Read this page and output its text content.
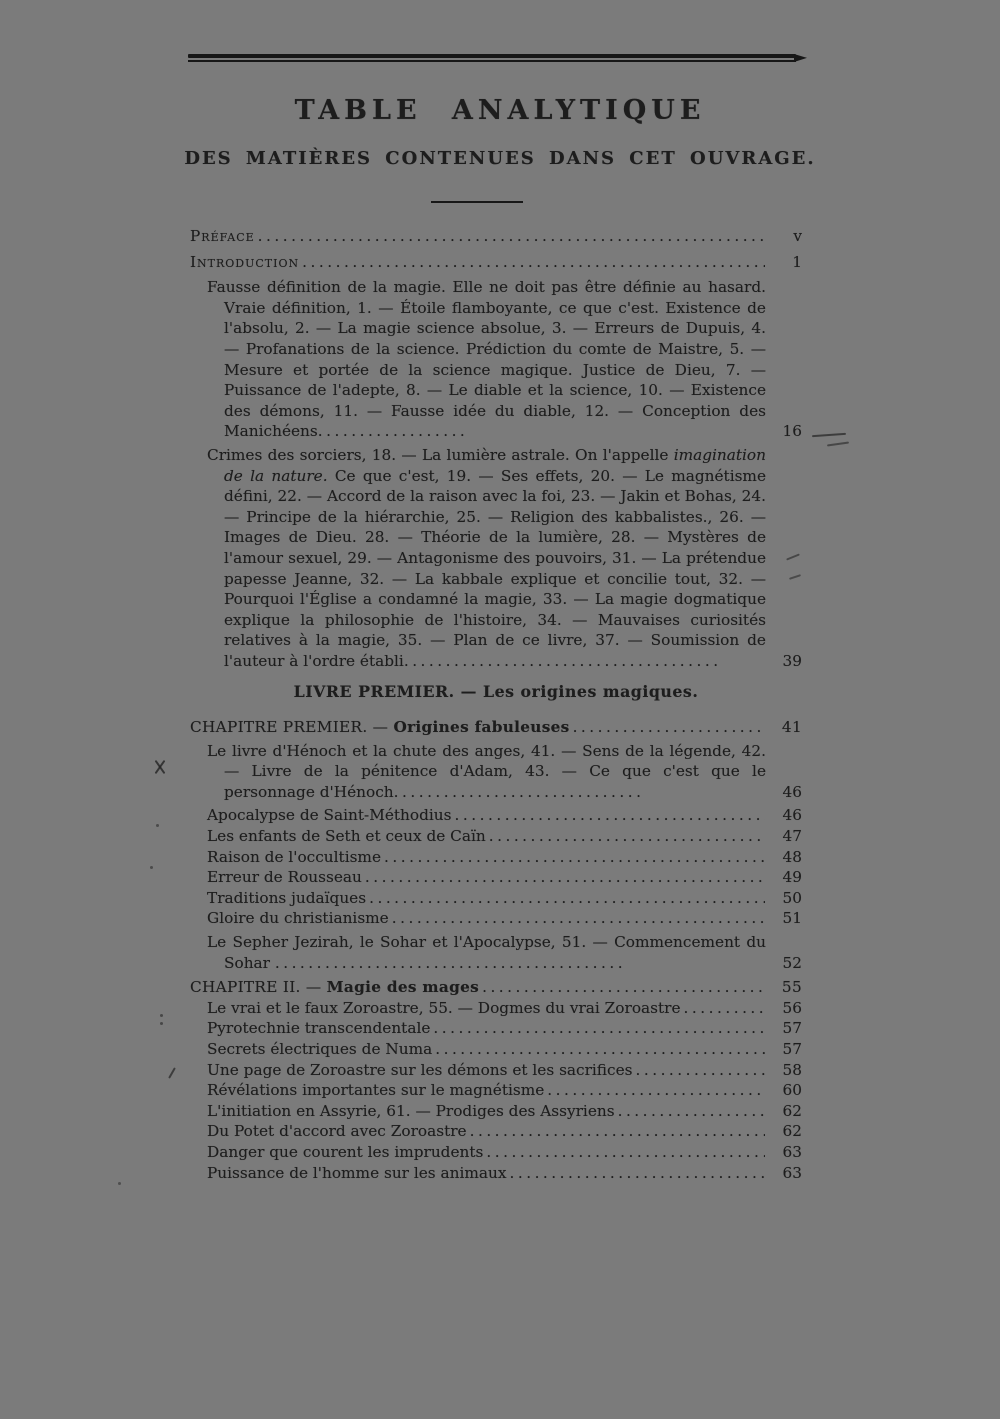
TABLE ANALYTIQUE
DES MATIÈRES CONTENUES DANS CET OUVRAGE.
Préface .....	v
Introduction .....	1
Fausse définition de la magie. Elle ne doit pas être définie au hasard. Vraie définition, 1. — Étoile flamboyante, ce que c'est. Existence de l'absolu, 2. — La magie science absolue, 3. — Erreurs de Dupuis, 4. — Profanations de la science. Prédiction du comte de Maistre, 5. — Mesure et portée de la science magique. Justice de Dieu, 7. — Puissance de l'adepte, 8. — Le diable et la science, 10. — Existence des démons, 11. — Fausse idée du diable, 12. — Conception des Manichéens..................	16
Crimes des sorciers, 18. — La lumière astrale. On l'appelle imagination de la nature. Ce que c'est, 19. — Ses effets, 20. — Le magnétisme défini, 22. — Accord de la raison avec la foi, 23. — Jakin et Bohas, 24. — Principe de la hiérarchie, 25. — Religion des kabbalistes., 26. — Images de Dieu. 28. — Théorie de la lumière, 28. — Mystères de l'amour sexuel, 29. — Antagonisme des pouvoirs, 31. — La prétendue papesse Jeanne, 32. — La kabbale explique et concilie tout, 32. — Pourquoi l'Église a condamné la magie, 33. — La magie dogmatique explique la philosophie de l'histoire, 34. — Mauvaises curiosités relatives à la magie, 35. — Plan de ce livre, 37. — Soumission de l'auteur à l'ordre établi......................................	39
LIVRE PREMIER. — Les origines magiques.
CHAPITRE PREMIER. — Origines fabuleuses .....	41
Le livre d'Hénoch et la chute des anges, 41. — Sens de la légende, 42. — Livre de la pénitence d'Adam, 43. — Ce que c'est que le personnage d'Hénoch..............................	46
Apocalypse de Saint-Méthodius .....	46
Les enfants de Seth et ceux de Caïn .....	47
Raison de l'occultisme .....	48
Erreur de Rousseau .....	49
Traditions judaïques .....	50
Gloire du christianisme .....	51
Le Sepher Jezirah, le Sohar et l'Apocalypse, 51. — Commencement du Sohar ..........................................	52
CHAPITRE II. — Magie des mages .....	55
Le vrai et le faux Zoroastre, 55. — Dogmes du vrai Zoroastre .....	56
Pyrotechnie transcendentale .....	57
Secrets électriques de Numa .....	57
Une page de Zoroastre sur les démons et les sacrifices .....	58
Révélations importantes sur le magnétisme .....	60
L'initiation en Assyrie, 61. — Prodiges des Assyriens .....	62
Du Potet d'accord avec Zoroastre .....	62
Danger que courent les imprudents .....	63
Puissance de l'homme sur les animaux .....	63
